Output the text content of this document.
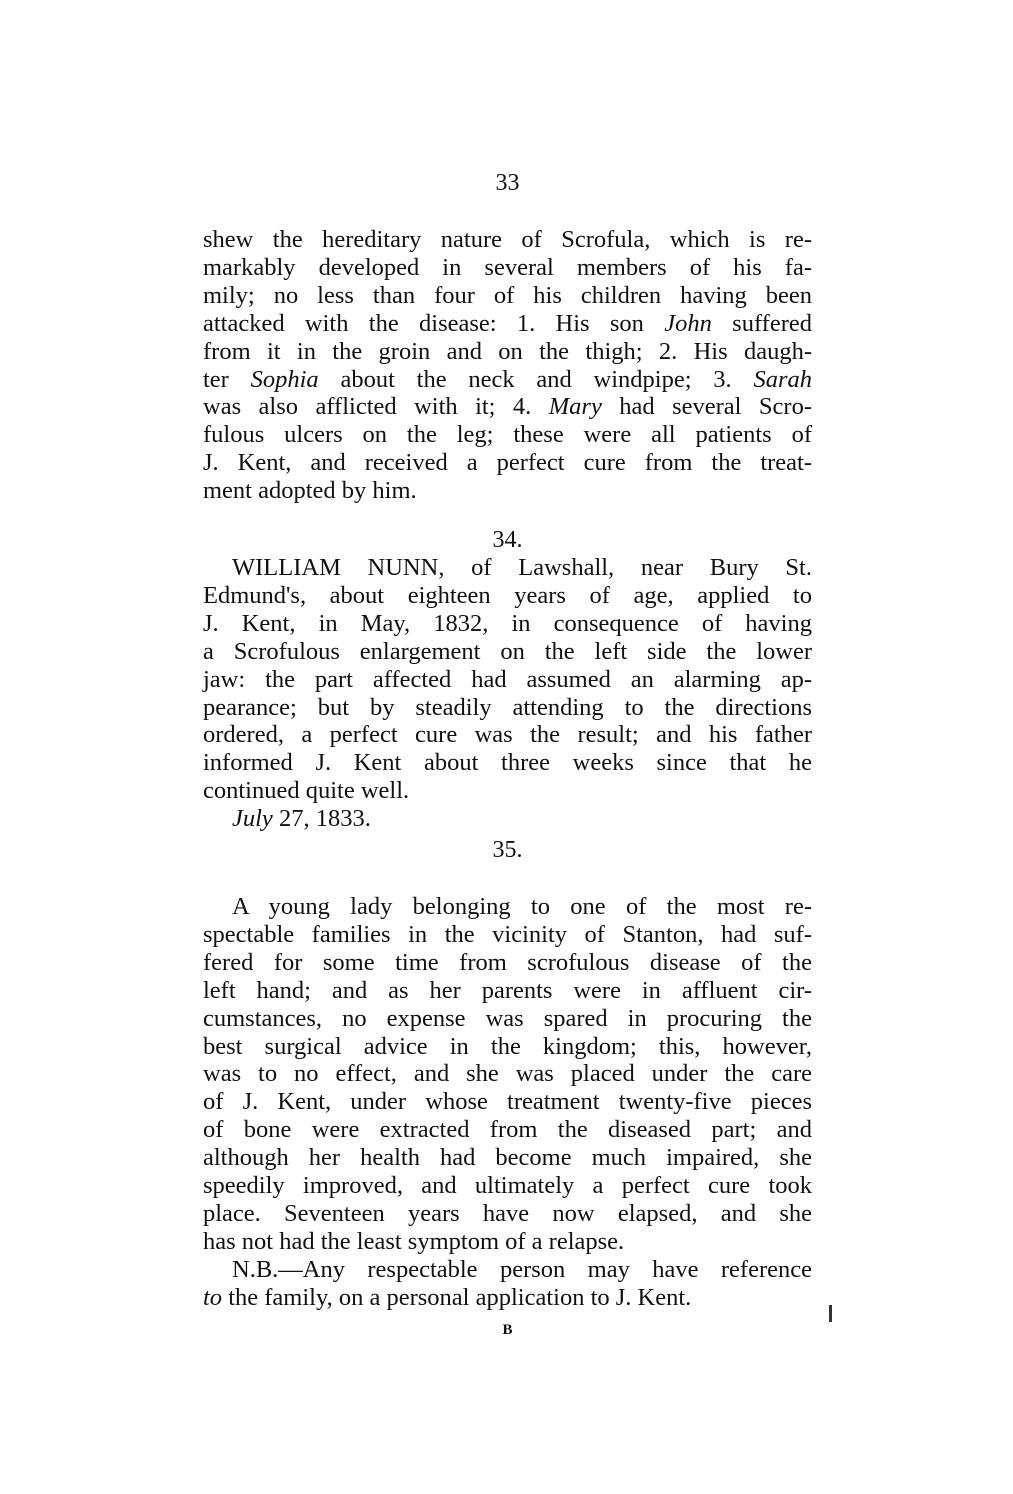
33
shew the hereditary nature of Scrofula, which is re-
markably developed in several members of his fa-
mily; no less than four of his children having been
attacked with the disease: 1. His son John suffered
from it in the groin and on the thigh; 2. His daugh-
ter Sophia about the neck and windpipe; 3. Sarah
was also afflicted with it; 4. Mary had several Scro-
fulous ulcers on the leg; these were all patients of
J. Kent, and received a perfect cure from the treat-
ment adopted by him.
34.
WILLIAM NUNN, of Lawshall, near Bury St.
Edmund's, about eighteen years of age, applied to
J. Kent, in May, 1832, in consequence of having
a Scrofulous enlargement on the left side the lower
jaw: the part affected had assumed an alarming ap-
pearance; but by steadily attending to the directions
ordered, a perfect cure was the result; and his father
informed J. Kent about three weeks since that he
continued quite well.
July 27, 1833.
35.
A young lady belonging to one of the most re-
spectable families in the vicinity of Stanton, had suf-
fered for some time from scrofulous disease of the
left hand; and as her parents were in affluent cir-
cumstances, no expense was spared in procuring the
best surgical advice in the kingdom; this, however,
was to no effect, and she was placed under the care
of J. Kent, under whose treatment twenty-five pieces
of bone were extracted from the diseased part; and
although her health had become much impaired, she
speedily improved, and ultimately a perfect cure took
place. Seventeen years have now elapsed, and she
has not had the least symptom of a relapse.
N.B.—Any respectable person may have reference
to the family, on a personal application to J. Kent.
B
